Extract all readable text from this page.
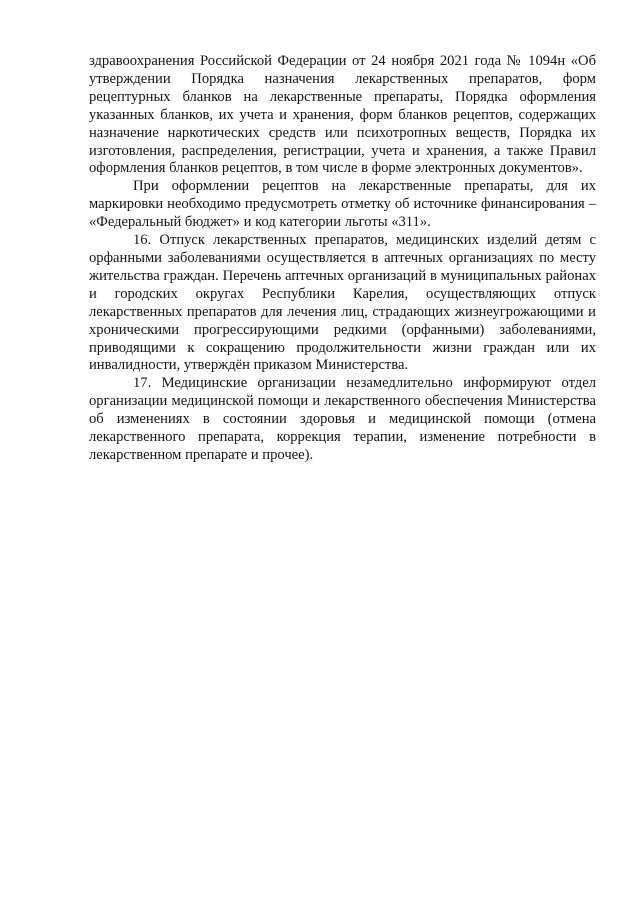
здравоохранения Российской Федерации от 24 ноября 2021 года № 1094н «Об утверждении Порядка назначения лекарственных препаратов, форм рецептурных бланков на лекарственные препараты, Порядка оформления указанных бланков, их учета и хранения, форм бланков рецептов, содержащих назначение наркотических средств или психотропных веществ, Порядка их изготовления, распределения, регистрации, учета и хранения, а также Правил оформления бланков рецептов, в том числе в форме электронных документов».

При оформлении рецептов на лекарственные препараты, для их маркировки необходимо предусмотреть отметку об источнике финансирования – «Федеральный бюджет» и код категории льготы «311».

16. Отпуск лекарственных препаратов, медицинских изделий детям с орфанными заболеваниями осуществляется в аптечных организациях по месту жительства граждан. Перечень аптечных организаций в муниципальных районах и городских округах Республики Карелия, осуществляющих отпуск лекарственных препаратов для лечения лиц, страдающих жизнеугрожающими и хроническими прогрессирующими редкими (орфанными) заболеваниями, приводящими к сокращению продолжительности жизни граждан или их инвалидности, утверждён приказом Министерства.

17. Медицинские организации незамедлительно информируют отдел организации медицинской помощи и лекарственного обеспечения Министерства об изменениях в состоянии здоровья и медицинской помощи (отмена лекарственного препарата, коррекция терапии, изменение потребности в лекарственном препарате и прочее).
